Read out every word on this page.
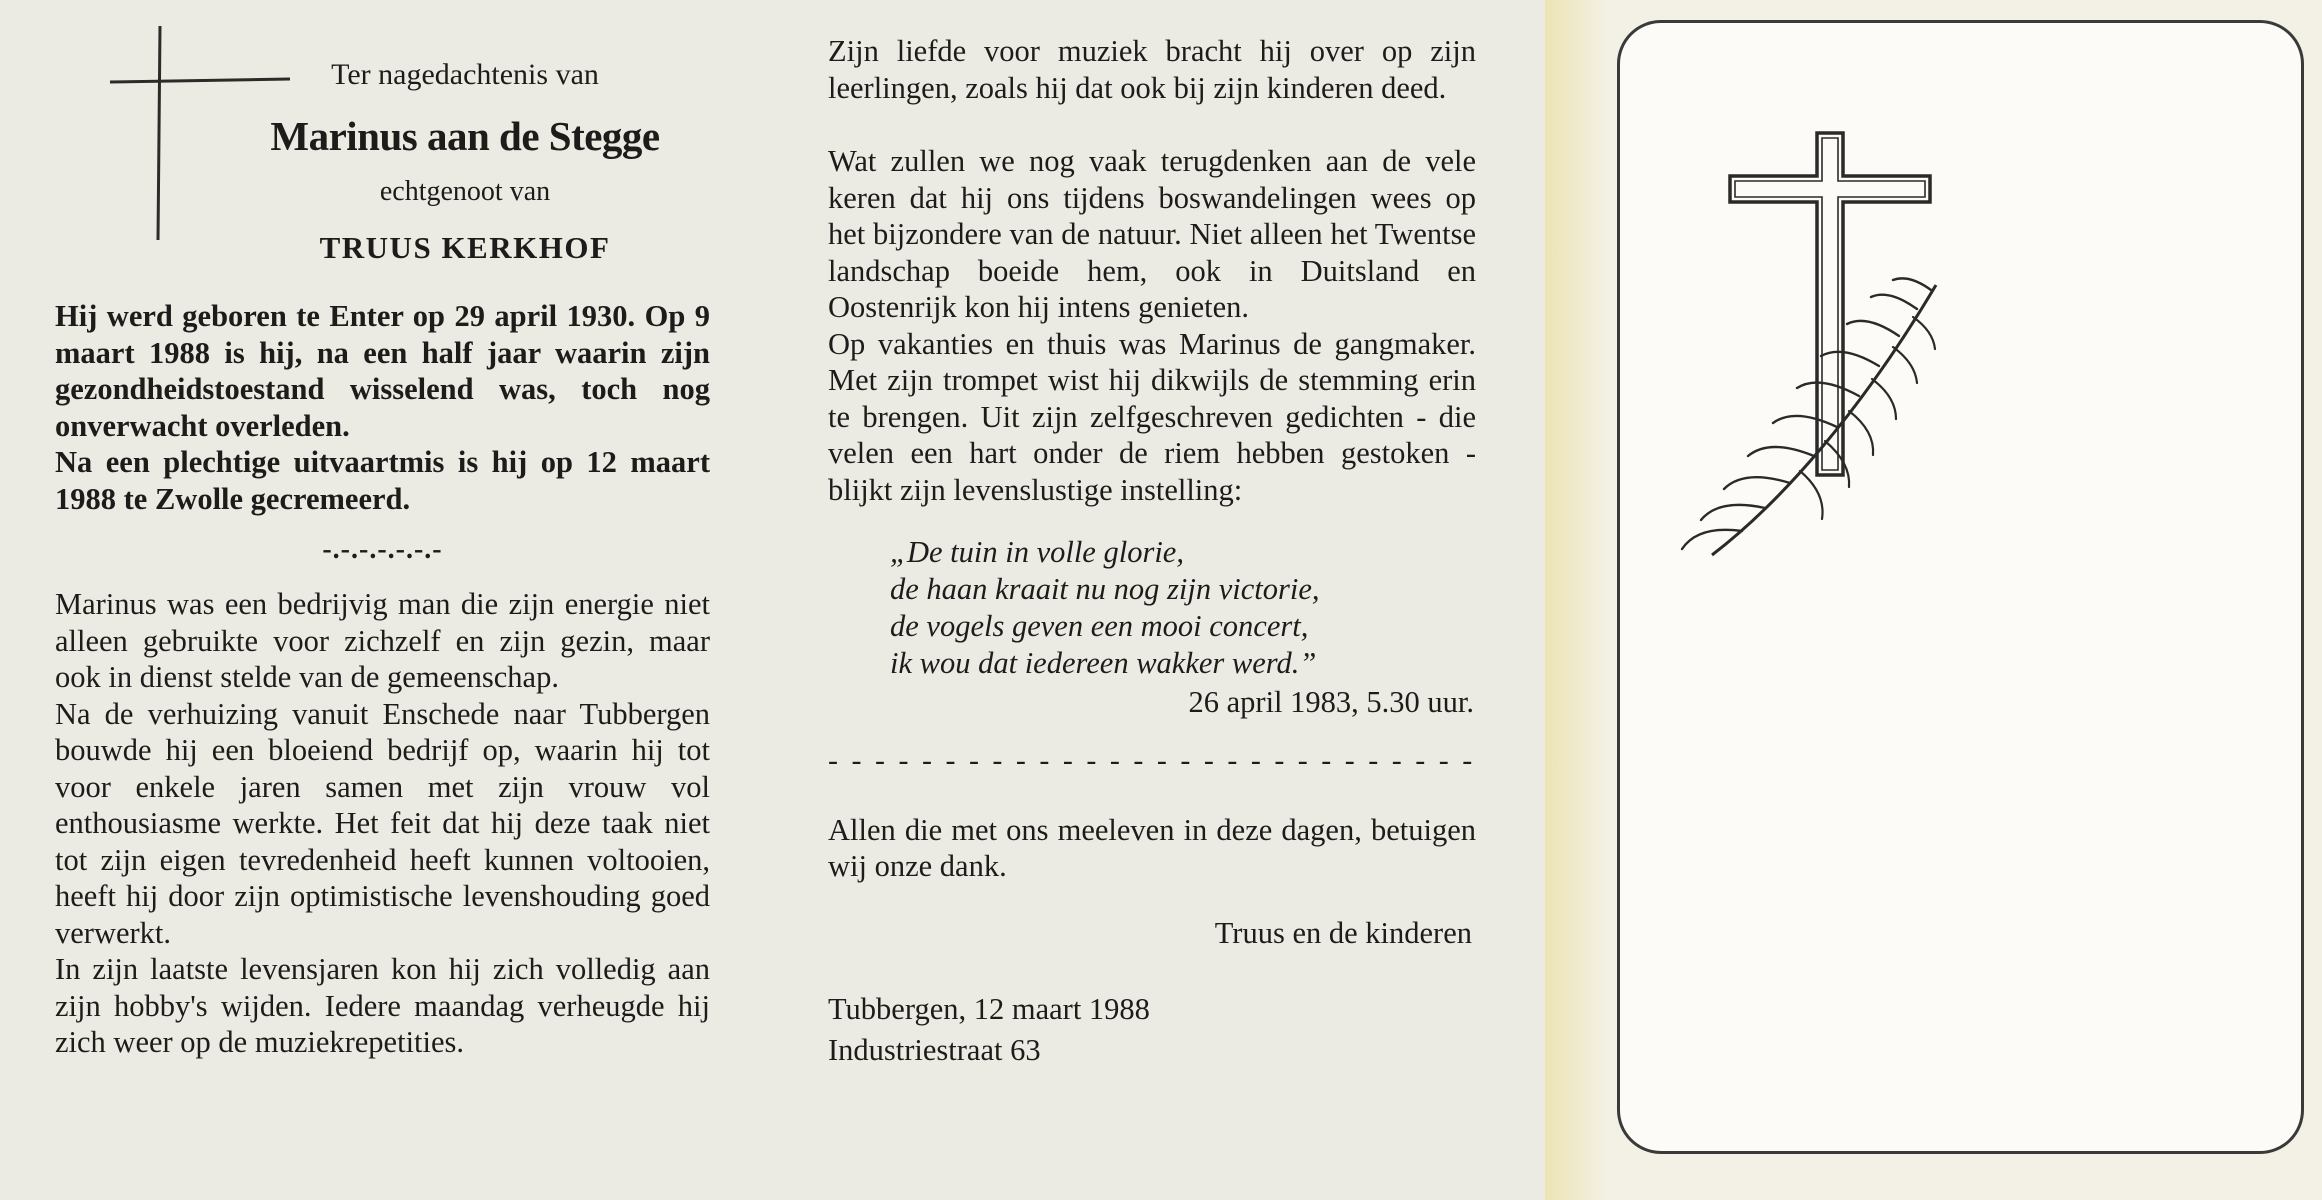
Ter nagedachtenis van

Marinus aan de Stegge

echtgenoot van

TRUUS KERKHOF

Hij werd geboren te Enter op 29 april 1930. Op 9 maart 1988 is hij, na een half jaar waarin zijn gezondheidstoestand wisselend was, toch nog onverwacht overleden.

Na een plechtige uitvaartmis is hij op 12 maart 1988 te Zwolle gecremeerd.

-.-.-.-.-.-.-

Marinus was een bedrijvig man die zijn energie niet alleen gebruikte voor zichzelf en zijn gezin, maar ook in dienst stelde van de gemeenschap.

Na de verhuizing vanuit Enschede naar Tubbergen bouwde hij een bloeiend bedrijf op, waarin hij tot voor enkele jaren samen met zijn vrouw vol enthousiasme werkte. Het feit dat hij deze taak niet tot zijn eigen tevredenheid heeft kunnen voltooien, heeft hij door zijn optimistische levenshouding goed verwerkt.

In zijn laatste levensjaren kon hij zich volledig aan zijn hobby's wijden. Iedere maandag verheugde hij zich weer op de muziekrepetities.

Zijn liefde voor muziek bracht hij over op zijn leerlingen, zoals hij dat ook bij zijn kinderen deed.

Wat zullen we nog vaak terugdenken aan de vele keren dat hij ons tijdens boswandelingen wees op het bijzondere van de natuur. Niet alleen het Twentse landschap boeide hem, ook in Duitsland en Oostenrijk kon hij intens genieten.

Op vakanties en thuis was Marinus de gangmaker. Met zijn trompet wist hij dikwijls de stemming erin te brengen. Uit zijn zelfgeschreven gedichten - die velen een hart onder de riem hebben gestoken - blijkt zijn levenslustige instelling:

„De tuin in volle glorie,

de haan kraait nu nog zijn victorie,

de vogels geven een mooi concert,

ik wou dat iedereen wakker werd.”

26 april 1983, 5.30 uur.

- - - - - - - - - - - - - - - - - - - - - - - - - - - -

Allen die met ons meeleven in deze dagen, betuigen wij onze dank.

Truus en de kinderen

Tubbergen, 12 maart 1988

Industriestraat 63
